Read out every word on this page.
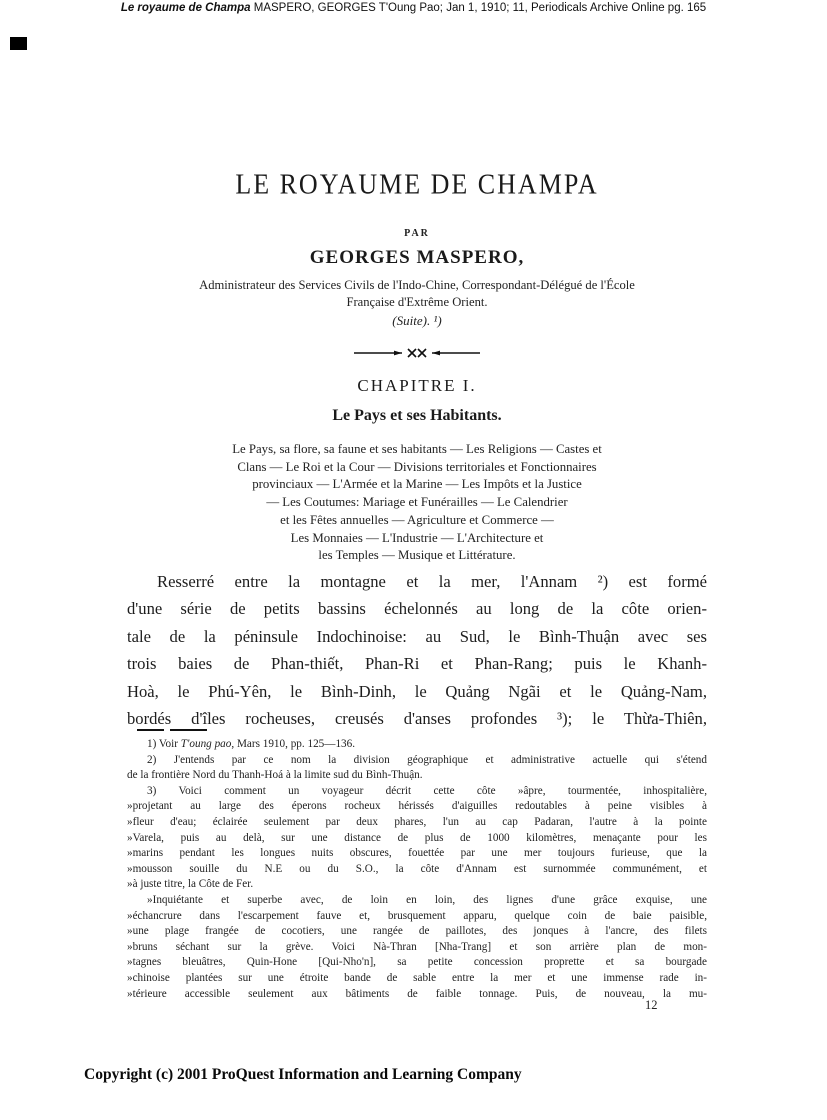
Le royaume de Champa MASPERO, GEORGES T'Oung Pao; Jan 1, 1910; 11, Periodicals Archive Online pg. 165
LE ROYAUME DE CHAMPA
PAR
GEORGES MASPERO,
Administrateur des Services Civils de l'Indo-Chine, Correspondant-Délégué de l'École
Française d'Extrême Orient.
(Suite). ¹)
CHAPITRE I.
Le Pays et ses Habitants.
Le Pays, sa flore, sa faune et ses habitants — Les Religions — Castes et
Clans — Le Roi et la Cour — Divisions territoriales et Fonctionnaires
provinciaux — L'Armée et la Marine — Les Impôts et la Justice
— Les Coutumes: Mariage et Funérailles — Le Calendrier
et les Fêtes annuelles — Agriculture et Commerce —
Les Monnaies — L'Industrie — L'Architecture et
les Temples — Musique et Littérature.
Resserré entre la montagne et la mer, l'Annam ²) est formé
d'une série de petits bassins échelonnés au long de la côte orien-
tale de la péninsule Indochinoise: au Sud, le Bình-Thuận avec ses
trois baies de Phan-thiết, Phan-Ri et Phan-Rang; puis le Khanh-
Hoà, le Phú-Yên, le Bình-Dinh, le Quảng Ngãi et le Quảng-Nam,
bordés d'îles rocheuses, creusés d'anses profondes ³); le Thừa-Thiên,
1) Voir T'oung pao, Mars 1910, pp. 125—136.
2) J'entends par ce nom la division géographique et administrative actuelle qui s'étend
de la frontière Nord du Thanh-Hoá à la limite sud du Bình-Thuận.
3) Voici comment un voyageur décrit cette côte »âpre, tourmentée, inhospitalière,
»projetant au large des éperons rocheux hérissés d'aiguilles redoutables à peine visibles à
»fleur d'eau; éclairée seulement par deux phares, l'un au cap Padaran, l'autre à la pointe
»Varela, puis au delà, sur une distance de plus de 1000 kilomètres, menaçante pour les
»marins pendant les longues nuits obscures, fouettée par une mer toujours furieuse, que la
»mousson souille du N.E ou du S.O., la côte d'Annam est surnommée communément, et
»à juste titre, la Côte de Fer.
»Inquiétante et superbe avec, de loin en loin, des lignes d'une grâce exquise, une
»échancrure dans l'escarpement fauve et, brusquement apparu, quelque coin de baie paisible,
»une plage frangée de cocotiers, une rangée de paillotes, des jonques à l'ancre, des filets
»bruns séchant sur la grève. Voici Nà-Thran [Nha-Trang] et son arrière plan de mon-
»tagnes bleuâtres, Quin-Hone [Qui-Nho'n], sa petite concession proprette et sa bourgade
»chinoise plantées sur une étroite bande de sable entre la mer et une immense rade in-
»térieure accessible seulement aux bâtiments de faible tonnage. Puis, de nouveau, la mu-
12
Copyright (c) 2001 ProQuest Information and Learning Company
